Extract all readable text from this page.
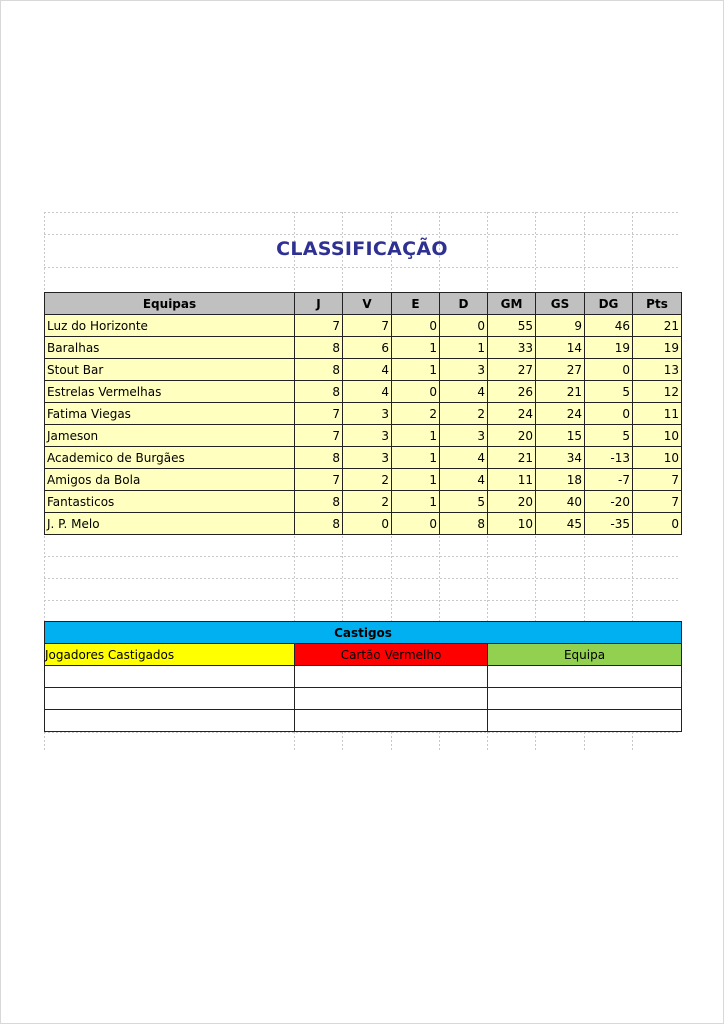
CLASSIFICAÇÃO
Equipas	J	V	E	D	GM	GS	DG	Pts
Luz do Horizonte	7	7	0	0	55	9	46	21
Baralhas	8	6	1	1	33	14	19	19
Stout Bar	8	4	1	3	27	27	0	13
Estrelas Vermelhas	8	4	0	4	26	21	5	12
Fatima Viegas	7	3	2	2	24	24	0	11
Jameson	7	3	1	3	20	15	5	10
Academico de Burgães	8	3	1	4	21	34	-13	10
Amigos da Bola	7	2	1	4	11	18	-7	7
Fantasticos	8	2	1	5	20	40	-20	7
J. P. Melo	8	0	0	8	10	45	-35	0
Castigos		
Jogadores Castigados	Cartão Vermelho	Equipa
